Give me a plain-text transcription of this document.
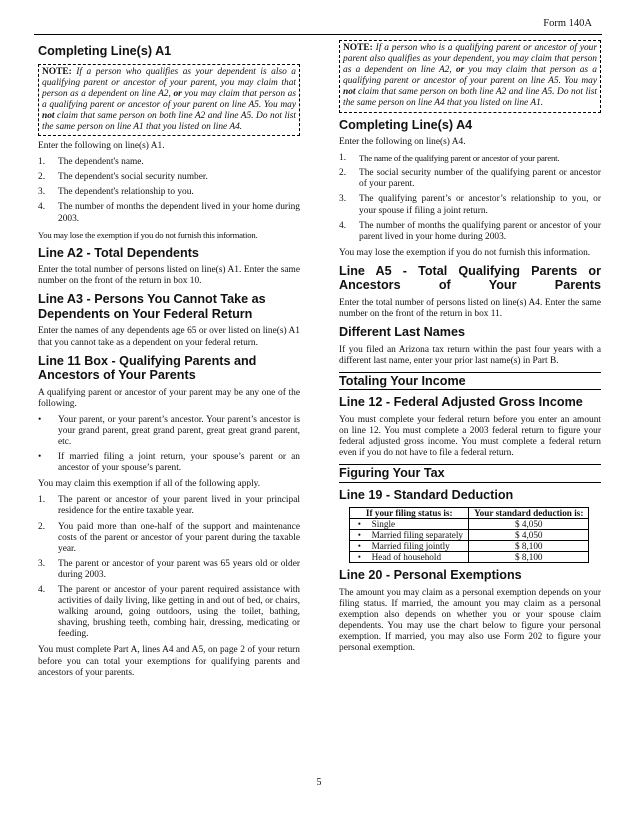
Form 140A
Completing Line(s) A1
NOTE: If a person who qualifies as your dependent is also a qualifying parent or ancestor of your parent, you may claim that person as a dependent on line A2, or you may claim that person as a qualifying parent or ancestor of your parent on line A5. You may not claim that same person on both line A2 and line A5. Do not list the same person on line A1 that you listed on line A4.

Enter the following on line(s) A1.

1.	The dependent's name.
2.	The dependent's social security number.
3.	The dependent's relationship to you.
4.	The number of months the dependent lived in your home during 2003.

You may lose the exemption if you do not furnish this information.

Line A2 - Total Dependents

Enter the total number of persons listed on line(s) A1. Enter the same number on the front of the return in box 10.

Line A3 - Persons You Cannot Take as Dependents on Your Federal Return

Enter the names of any dependents age 65 or over listed on line(s) A1 that you cannot take as a dependent on your federal return.

Line 11 Box - Qualifying Parents and Ancestors of Your Parents

A qualifying parent or ancestor of your parent may be any one of the following.

•	Your parent, or your parent’s ancestor. Your parent’s ancestor is your grand parent, great grand parent, great great grand parent, etc.
•	If married filing a joint return, your spouse’s parent or an ancestor of your spouse’s parent.

You may claim this exemption if all of the following apply.

1.	The parent or ancestor of your parent lived in your principal residence for the entire taxable year.
2.	You paid more than one-half of the support and maintenance costs of the parent or ancestor of your parent during the taxable year.
3.	The parent or ancestor of your parent was 65 years old or older during 2003.
4.	The parent or ancestor of your parent required assistance with activities of daily living, like getting in and out of bed, or chairs, walking around, going outdoors, using the toilet, bathing, shaving, brushing teeth, combing hair, dressing, medicating or feeding.

You must complete Part A, lines A4 and A5, on page 2 of your return before you can total your exemptions for qualifying parents and ancestors of your parents.

NOTE: If a person who is a qualifying parent or ancestor of your parent also qualifies as your dependent, you may claim that person as a dependent on line A2, or you may claim that person as a qualifying parent or ancestor of your parent on line A5. You may not claim that same person on both line A2 and line A5. Do not list the same person on line A4 that you listed on line A1.
Completing Line(s) A4

Enter the following on line(s) A4.

1.	The name of the qualifying parent or ancestor of your parent.
2.	The social security number of the qualifying parent or ancestor of your parent.
3.	The qualifying parent’s or ancestor’s relationship to you, or your spouse if filing a joint return.
4.	The number of months the qualifying parent or ancestor of your parent lived in your home during 2003.

You may lose the exemption if you do not furnish this information.

Line A5 - Total Qualifying Parents or Ancestors of Your Parents

Enter the total number of persons listed on line(s) A4. Enter the same number on the front of the return in box 11.

Different Last Names

If you filed an Arizona tax return within the past four years with a different last name, enter your prior last name(s) in Part B.

Totaling Your Income
Line 12 - Federal Adjusted Gross Income

You must complete your federal return before you enter an amount on line 12. You must complete a 2003 federal return to figure your federal adjusted gross income. You must complete a federal return even if you do not have to file a federal return.

Figuring Your Tax
Line 19 - Standard Deduction
If your filing status is:		Your standard deduction is:
•	Single	$ 4,050
•	Married filing separately	$ 4,050
•	Married filing jointly	$ 8,100
•	Head of household	$ 8,100
Line 20 - Personal Exemptions

The amount you may claim as a personal exemption depends on your filing status. If married, the amount you may claim as a personal exemption also depends on whether you or your spouse claim dependents. You may use the chart below to figure your personal exemption. If married, you may also use Form 202 to figure your personal exemption.

5
